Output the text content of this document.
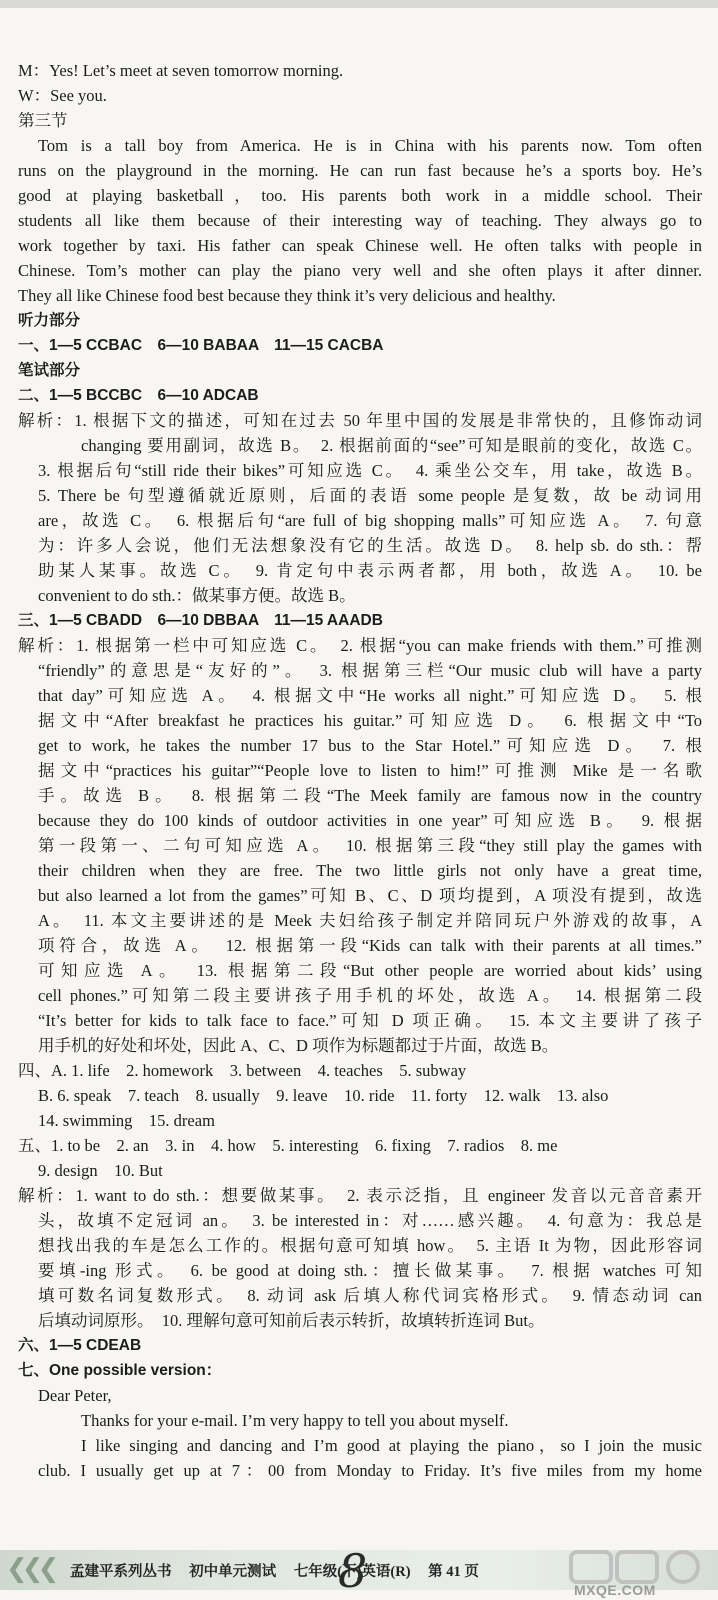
M：Yes! Let’s meet at seven tomorrow morning.
W：See you.
第三节
Tom is a tall boy from America. He is in China with his parents now. Tom often
runs on the playground in the morning. He can run fast because he’s a sports boy. He’s
good at playing basketball，too. His parents both work in a middle school. Their
students all like them because of their interesting way of teaching. They always go to
work together by taxi. His father can speak Chinese well. He often talks with people in
Chinese. Tom’s mother can play the piano very well and she often plays it after dinner.
They all like Chinese food best because they think it’s very delicious and healthy.
听力部分
一、1—5 CCBAC　6—10 BABAA　11—15 CACBA
笔试部分
二、1—5 BCCBC　6—10 ADCAB
解析：1. 根据下文的描述，可知在过去 50 年里中国的发展是非常快的，且修饰动词
changing 要用副词，故选 B。　2. 根据前面的“see”可知是眼前的变化，故选 C。
3. 根据后句“still ride their bikes”可知应选 C。　4. 乘坐公交车，用 take，故选 B。
5. There be 句型遵循就近原则，后面的表语 some people 是复数，故 be 动词用
are，故选 C。　6. 根据后句“are full of big shopping malls”可知应选 A。　7. 句意
为：许多人会说，他们无法想象没有它的生活。故选 D。　8. help sb. do sth.：帮
助某人某事。故选 C。　9. 肯定句中表示两者都，用 both，故选 A。　10. be
convenient to do sth.：做某事方便。故选 B。
三、1—5 CBADD　6—10 DBBAA　11—15 AAADB
解析：1. 根据第一栏中可知应选 C。　2. 根据“you can make friends with them.”可推测
“friendly”的意思是“友好的”。　3. 根据第三栏“Our music club will have a party
that day”可知应选 A。　4. 根据文中“He works all night.”可知应选 D。　5. 根
据文中“After breakfast he practices his guitar.”可知应选 D。　6. 根据文中“To
get to work, he takes the number 17 bus to the Star Hotel.”可知应选 D。　7. 根
据文中“practices his guitar”“People love to listen to him!”可推测 Mike 是一名歌
手。故选 B。　8. 根据第二段“The Meek family are famous now in the country
because they do 100 kinds of outdoor activities in one year”可知应选 B。　9. 根据
第一段第一、二句可知应选 A。　10. 根据第三段“they still play the games with
their children when they are free. The two little girls not only have a great time,
but also learned a lot from the games”可知 B、C、D 项均提到，A 项没有提到，故选
A。　11. 本文主要讲述的是 Meek 夫妇给孩子制定并陪同玩户外游戏的故事，A
项符合，故选 A。　12. 根据第一段“Kids can talk with their parents at all times.”
可知应选 A。　13. 根据第二段“But other people are worried about kids’ using
cell phones.”可知第二段主要讲孩子用手机的坏处，故选 A。　14. 根据第二段
“It’s better for kids to talk face to face.”可知 D 项正确。　15. 本文主要讲了孩子
用手机的好处和坏处，因此 A、C、D 项作为标题都过于片面，故选 B。
四、A. 1. life　2. homework　3. between　4. teaches　5. subway
B. 6. speak　7. teach　8. usually　9. leave　10. ride　11. forty　12. walk　13. also
14. swimming　15. dream
五、1. to be　2. an　3. in　4. how　5. interesting　6. fixing　7. radios　8. me
9. design　10. But
解析：1. want to do sth.：想要做某事。　2. 表示泛指，且 engineer 发音以元音音素开
头，故填不定冠词 an。　3. be interested in：对……感兴趣。　4. 句意为：我总是
想找出我的车是怎么工作的。根据句意可知填 how。　5. 主语 It 为物，因此形容词
要填-ing 形式。　6. be good at doing sth.：擅长做某事。　7. 根据 watches 可知
填可数名词复数形式。　8. 动词 ask 后填人称代词宾格形式。　9. 情态动词 can
后填动词原形。　10. 理解句意可知前后表示转折，故填转折连词 But。
六、1—5 CDEAB
七、One possible version：
Dear Peter,
Thanks for your e-mail. I’m very happy to tell you about myself.
I like singing and dancing and I’m good at playing the piano，so I join the music
club. I usually get up at 7：00 from Monday to Friday. It’s five miles from my home
❮❮❮ 孟建平系列丛书 初中单元测试 七年级(下)英语(R) 第 41 页
8	MXQE.COM
